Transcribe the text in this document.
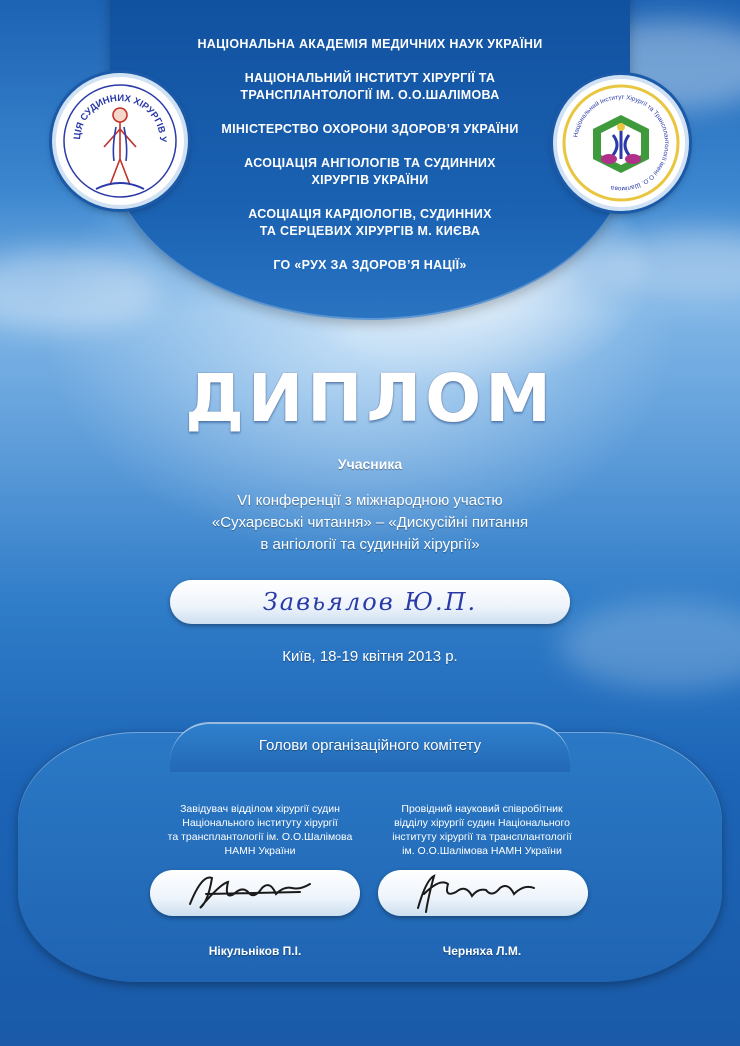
НАЦІОНАЛЬНА АКАДЕМІЯ МЕДИЧНИХ НАУК УКРАЇНИ
НАЦІОНАЛЬНИЙ ІНСТИТУТ ХІРУРГІЇ ТА ТРАНСПЛАНТОЛОГІЇ ІМ. О.О.ШАЛІМОВА
МІНІСТЕРСТВО ОХОРОНИ ЗДОРОВ’Я УКРАЇНИ
АСОЦІАЦІЯ АНГІОЛОГІВ ТА СУДИННИХ ХІРУРГІВ УКРАЇНИ
АСОЦІАЦІЯ КАРДІОЛОГІВ, СУДИННИХ ТА СЕРЦЕВИХ ХІРУРГІВ М. КИЄВА
ГО «РУХ ЗА ЗДОРОВ’Я НАЦІЇ»
ЦІЯ СУДИННИХ ХІРУРГІВ У
Національний Інститут Хірургії та Трансплантології імені О.О. Шалімова
ДИПЛОМ
Учасника
VI конференції з міжнародною участю
«Сухарєвські читання» – «Дискусійні питання
в ангіології та судинній хірургії»
Завьялов Ю.П.
Київ, 18-19 квітня 2013 р.
Голови організаційного комітету
Завідувач відділом хірургії судин
Національного інституту хірургії
та трансплантології ім. О.О.Шалімова
НАМН України
Провідний науковий співробітник
відділу хірургії судин Національного
інституту хірургії та трансплантології
ім. О.О.Шалімова НАМН України
Нікульніков П.І.	Черняха Л.М.
